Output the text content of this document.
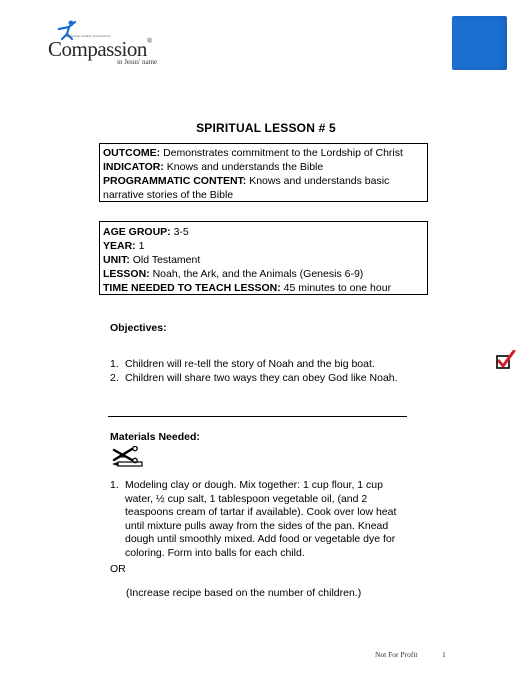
Releasing children from poverty
Compassion®
in Jesus' name
SPIRITUAL LESSON # 5
OUTCOME: Demonstrates commitment to the Lordship of Christ
INDICATOR: Knows and understands the Bible
PROGRAMMATIC CONTENT: Knows and understands basic narrative stories of the Bible
AGE GROUP: 3-5
YEAR: 1
UNIT: Old Testament
LESSON: Noah, the Ark, and the Animals (Genesis 6-9)
TIME NEEDED TO TEACH LESSON: 45 minutes to one hour
Objectives:
1. Children will re-tell the story of Noah and the big boat.
2. Children will share two ways they can obey God like Noah.
Materials Needed:
1. Modeling clay or dough. Mix together: 1 cup flour, 1 cup
water, ½ cup salt, 1 tablespoon vegetable oil, (and 2
teaspoons cream of tartar if available). Cook over low heat
until mixture pulls away from the sides of the pan. Knead
dough until smoothly mixed. Add food or vegetable dye for
coloring. Form into balls for each child.
OR
(Increase recipe based on the number of children.)
Not For Profit	1
